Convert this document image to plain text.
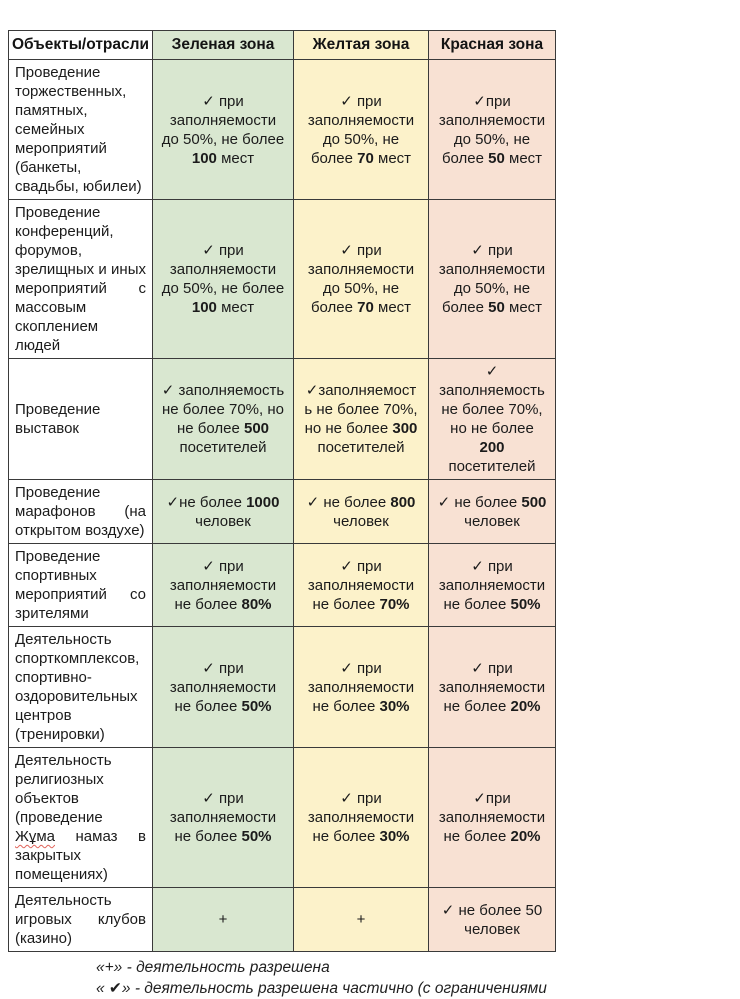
Объекты/отрасли	Зеленая зона	Желтая зона	Красная зона
Проведение торжественных, памятных, семейных мероприятий (банкеты, свадьбы, юбилеи)	✓ при заполняемости до 50%, не более 100 мест	✓ при заполняемости до 50%, не более 70 мест	✓при заполняемости до 50%, не более 50 мест
Проведение конференций, форумов, зрелищных и иных мероприятий с массовым скоплением людей	✓ при заполняемости до 50%, не более 100 мест	✓ при заполняемости до 50%, не более 70 мест	✓ при заполняемости до 50%, не более 50 мест
Проведение выставок	✓ заполняемость не более 70%, но не более 500 посетителей	✓заполняемость не более 70%, но не более 300 посетителей	✓ заполняемость не более 70%, но не более 200 посетителей
Проведение марафонов (на открытом воздухе)	✓не более 1000 человек	✓ не более 800 человек	✓ не более 500 человек
Проведение спортивных мероприятий со зрителями	✓ при заполняемости не более 80%	✓ при заполняемости не более 70%	✓ при заполняемости не более 50%
Деятельность спорткомплексов, спортивно-оздоровительных центров (тренировки)	✓ при заполняемости не более 50%	✓ при заполняемости не более 30%	✓ при заполняемости не более 20%
Деятельность религиозных объектов (проведение Жұма намаз в закрытых помещениях)	✓ при заполняемости не более 50%	✓ при заполняемости не более 30%	✓при заполняемости не более 20%
Деятельность игровых клубов (казино)	+	+	✓ не более 50 человек
«+» - деятельность разрешена
« ✔» - деятельность разрешена частично (с ограничениями
